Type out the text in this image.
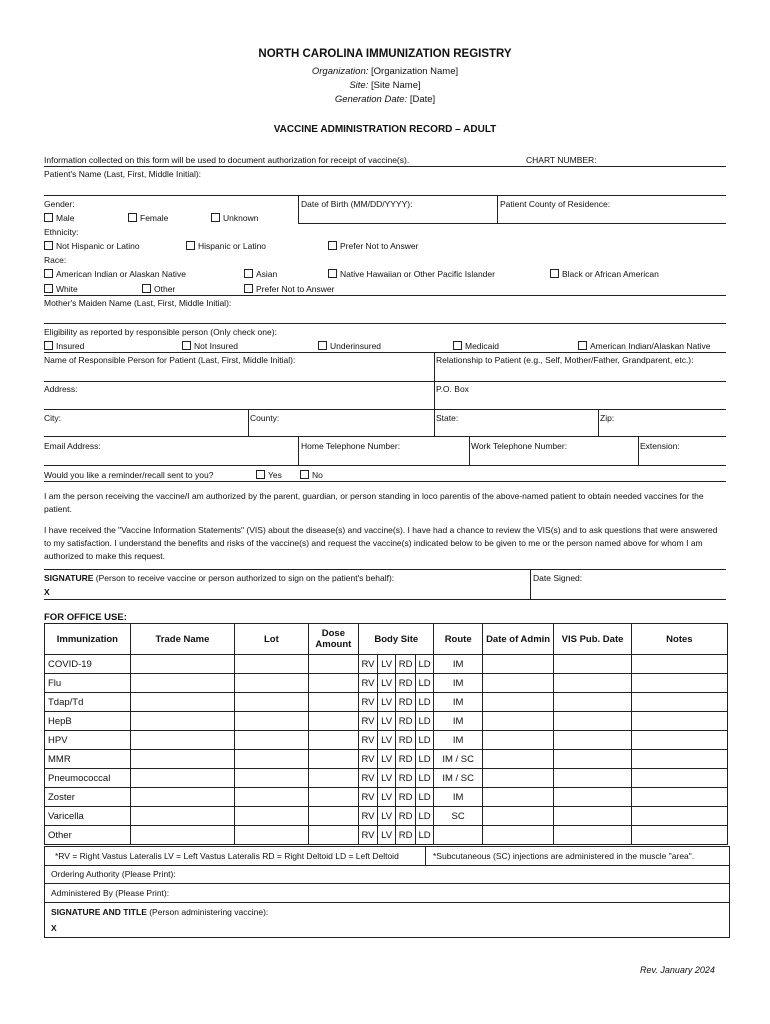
NORTH CAROLINA IMMUNIZATION REGISTRY
Organization: [Organization Name]
Site: [Site Name]
Generation Date: [Date]
VACCINE ADMINISTRATION RECORD – ADULT
Information collected on this form will be used to document authorization for receipt of vaccine(s).	CHART NUMBER:
Patient's Name (Last, First, Middle Initial):
Gender:	Date of Birth (MM/DD/YYYY):	Patient County of Residence:
Male	Female	Unknown
Ethnicity:
Not Hispanic or Latino	Hispanic or Latino	Prefer Not to Answer
Race:
American Indian or Alaskan Native	Asian	Native Hawaiian or Other Pacific Islander	Black or African American
White	Other	Prefer Not to Answer
Mother's Maiden Name (Last, First, Middle Initial):
Eligibility as reported by responsible person (Only check one):
Insured	Not Insured	Underinsured	Medicaid	American Indian/Alaskan Native
Name of Responsible Person for Patient (Last, First, Middle Initial):	Relationship to Patient (e.g., Self, Mother/Father, Grandparent, etc.):
Address:	P.O. Box
City:	County:	State:	Zip:
Email Address:	Home Telephone Number:	Work Telephone Number:	Extension:
Would you like a reminder/recall sent to you?	Yes	No
I am the person receiving the vaccine/I am authorized by the parent, guardian, or person standing in loco parentis of the above-named patient to obtain needed vaccines for the patient.
I have received the "Vaccine Information Statements" (VIS) about the disease(s) and vaccine(s). I have had a chance to review the VIS(s) and to ask questions that were answered to my satisfaction. I understand the benefits and risks of the vaccine(s) and request the vaccine(s) indicated below to be given to me or the person named above for whom I am authorized to make this request.
SIGNATURE (Person to receive vaccine or person authorized to sign on the patient's behalf):
X
Date Signed:
FOR OFFICE USE:
Immunization	Trade Name	Lot	Dose Amount	Body Site				Route	Date of Admin	VIS Pub. Date	Notes
COVID-19				RV	LV	RD	LD	IM			
Flu				RV	LV	RD	LD	IM			
Tdap/Td				RV	LV	RD	LD	IM			
HepB				RV	LV	RD	LD	IM			
HPV				RV	LV	RD	LD	IM			
MMR				RV	LV	RD	LD	IM / SC			
Pneumococcal				RV	LV	RD	LD	IM / SC			
Zoster				RV	LV	RD	LD	IM			
Varicella				RV	LV	RD	LD	SC			
Other				RV	LV	RD	LD				
*RV = Right Vastus Lateralis LV = Left Vastus Lateralis RD = Right Deltoid LD = Left Deltoid	*Subcutaneous (SC) injections are administered in the muscle "area".
Ordering Authority (Please Print):
Administered By (Please Print):
SIGNATURE AND TITLE (Person administering vaccine):
X
Rev. January 2024
